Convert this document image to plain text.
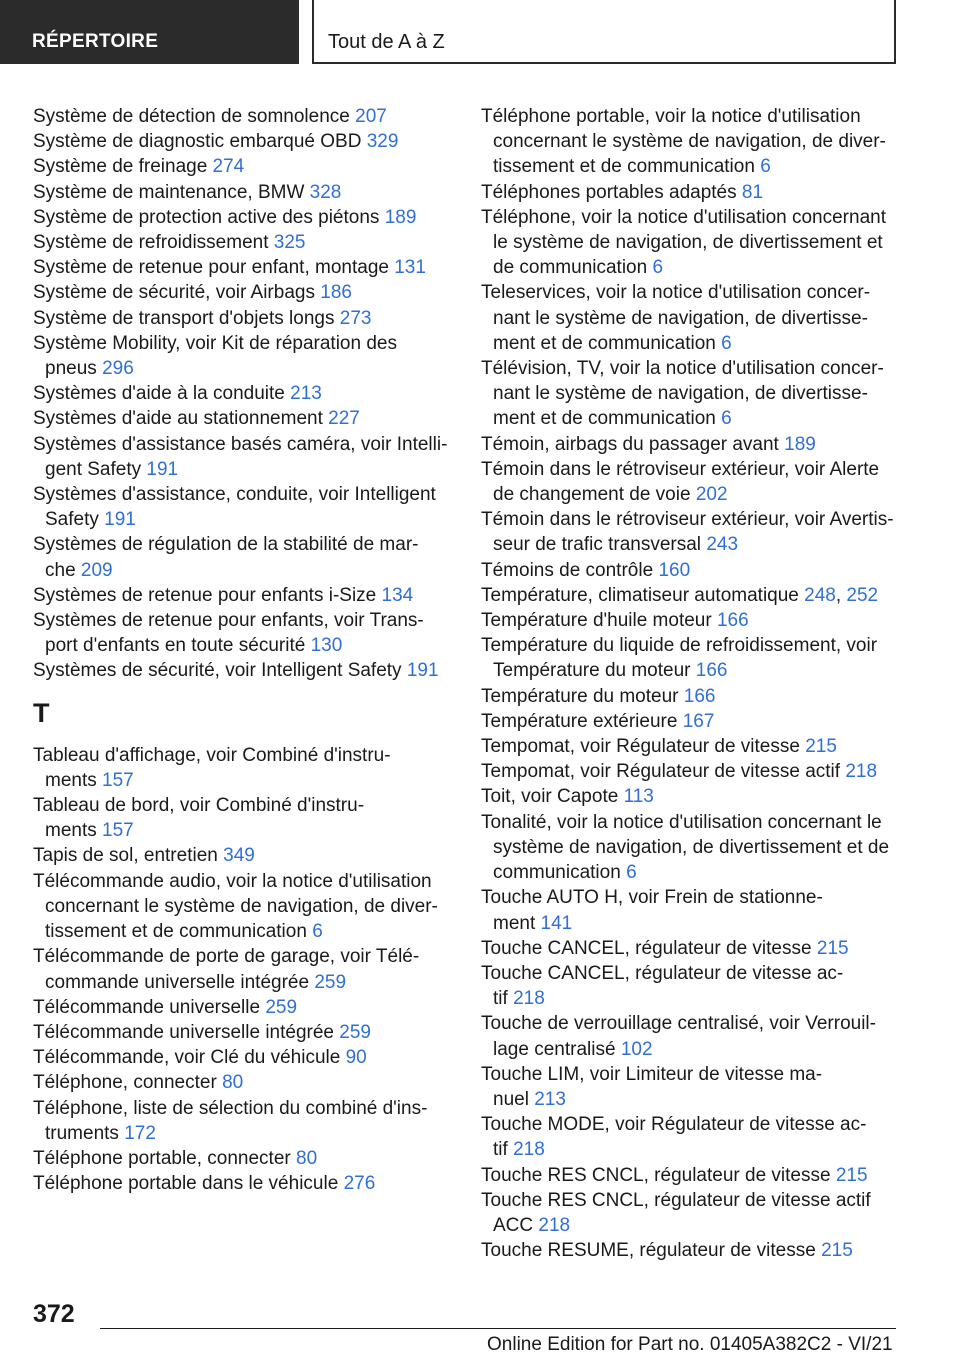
RÉPERTOIRE	Tout de A à Z
Système de détection de somnolence 207
Système de diagnostic embarqué OBD 329
Système de freinage 274
Système de maintenance, BMW 328
Système de protection active des piétons 189
Système de refroidissement 325
Système de retenue pour enfant, montage 131
Système de sécurité, voir Airbags 186
Système de transport d'objets longs 273
Système Mobility, voir Kit de réparation des
pneus 296
Systèmes d'aide à la conduite 213
Systèmes d'aide au stationnement 227
Systèmes d'assistance basés caméra, voir Intelli-
gent Safety 191
Systèmes d'assistance, conduite, voir Intelligent
Safety 191
Systèmes de régulation de la stabilité de mar-
che 209
Systèmes de retenue pour enfants i-Size 134
Systèmes de retenue pour enfants, voir Trans-
port d'enfants en toute sécurité 130
Systèmes de sécurité, voir Intelligent Safety 191
T
Tableau d'affichage, voir Combiné d'instru-
ments 157
Tableau de bord, voir Combiné d'instru-
ments 157
Tapis de sol, entretien 349
Télécommande audio, voir la notice d'utilisation
concernant le système de navigation, de diver-
tissement et de communication 6
Télécommande de porte de garage, voir Télé-
commande universelle intégrée 259
Télécommande universelle 259
Télécommande universelle intégrée 259
Télécommande, voir Clé du véhicule 90
Téléphone, connecter 80
Téléphone, liste de sélection du combiné d'ins-
truments 172
Téléphone portable, connecter 80
Téléphone portable dans le véhicule 276
Téléphone portable, voir la notice d'utilisation
concernant le système de navigation, de diver-
tissement et de communication 6
Téléphones portables adaptés 81
Téléphone, voir la notice d'utilisation concernant
le système de navigation, de divertissement et
de communication 6
Teleservices, voir la notice d'utilisation concer-
nant le système de navigation, de divertisse-
ment et de communication 6
Télévision, TV, voir la notice d'utilisation concer-
nant le système de navigation, de divertisse-
ment et de communication 6
Témoin, airbags du passager avant 189
Témoin dans le rétroviseur extérieur, voir Alerte
de changement de voie 202
Témoin dans le rétroviseur extérieur, voir Avertis-
seur de trafic transversal 243
Témoins de contrôle 160
Température, climatiseur automatique 248, 252
Température d'huile moteur 166
Température du liquide de refroidissement, voir
Température du moteur 166
Température du moteur 166
Température extérieure 167
Tempomat, voir Régulateur de vitesse 215
Tempomat, voir Régulateur de vitesse actif 218
Toit, voir Capote 113
Tonalité, voir la notice d'utilisation concernant le
système de navigation, de divertissement et de
communication 6
Touche AUTO H, voir Frein de stationne-
ment 141
Touche CANCEL, régulateur de vitesse 215
Touche CANCEL, régulateur de vitesse ac-
tif 218
Touche de verrouillage centralisé, voir Verrouil-
lage centralisé 102
Touche LIM, voir Limiteur de vitesse ma-
nuel 213
Touche MODE, voir Régulateur de vitesse ac-
tif 218
Touche RES CNCL, régulateur de vitesse 215
Touche RES CNCL, régulateur de vitesse actif
ACC 218
Touche RESUME, régulateur de vitesse 215
372
Online Edition for Part no. 01405A382C2 - VI/21
